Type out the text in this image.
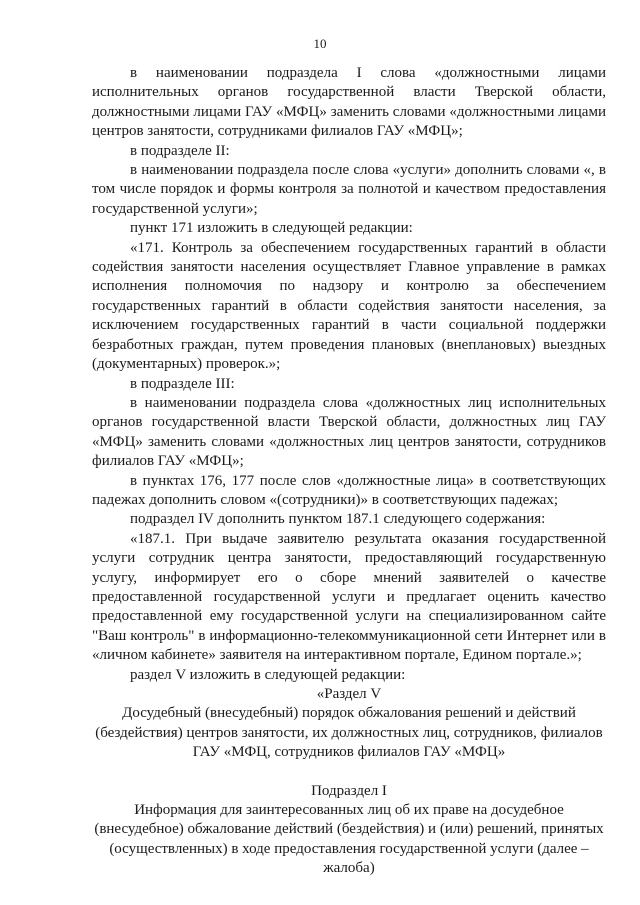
10

в наименовании подраздела I слова «должностными лицами исполнительных органов государственной власти Тверской области, должностными лицами ГАУ «МФЦ» заменить словами «должностными лицами центров занятости, сотрудниками филиалов ГАУ «МФЦ»;

в подразделе II:

в наименовании подраздела после слова «услуги» дополнить словами «, в том числе порядок и формы контроля за полнотой и качеством предоставления государственной услуги»;

пункт 171 изложить в следующей редакции:

«171. Контроль за обеспечением государственных гарантий в области содействия занятости населения осуществляет Главное управление в рамках исполнения полномочия по надзору и контролю за обеспечением государственных гарантий в области содействия занятости населения, за исключением государственных гарантий в части социальной поддержки безработных граждан, путем проведения плановых (внеплановых) выездных (документарных) проверок.»;

в подразделе III:

в наименовании подраздела слова «должностных лиц исполнительных органов государственной власти Тверской области, должностных лиц ГАУ «МФЦ» заменить словами «должностных лиц центров занятости, сотрудников филиалов ГАУ «МФЦ»;

в пунктах 176, 177 после слов «должностные лица» в соответствующих падежах дополнить словом «(сотрудники)» в соответствующих падежах;

подраздел IV дополнить пунктом 187.1 следующего содержания:

«187.1. При выдаче заявителю результата оказания государственной услуги сотрудник центра занятости, предоставляющий государственную услугу, информирует его о сборе мнений заявителей о качестве предоставленной государственной услуги и предлагает оценить качество предоставленной ему государственной услуги на специализированном сайте "Ваш контроль" в информационно-телекоммуникационной сети Интернет или в «личном кабинете» заявителя на интерактивном портале, Едином портале.»;

раздел V изложить в следующей редакции:

«Раздел V

Досудебный (внесудебный) порядок обжалования решений и действий (бездействия) центров занятости, их должностных лиц, сотрудников, филиалов ГАУ «МФЦ, сотрудников филиалов ГАУ «МФЦ»

Подраздел I

Информация для заинтересованных лиц об их праве на досудебное (внесудебное) обжалование действий (бездействия) и (или) решений, принятых (осуществленных) в ходе предоставления государственной услуги (далее – жалоба)
